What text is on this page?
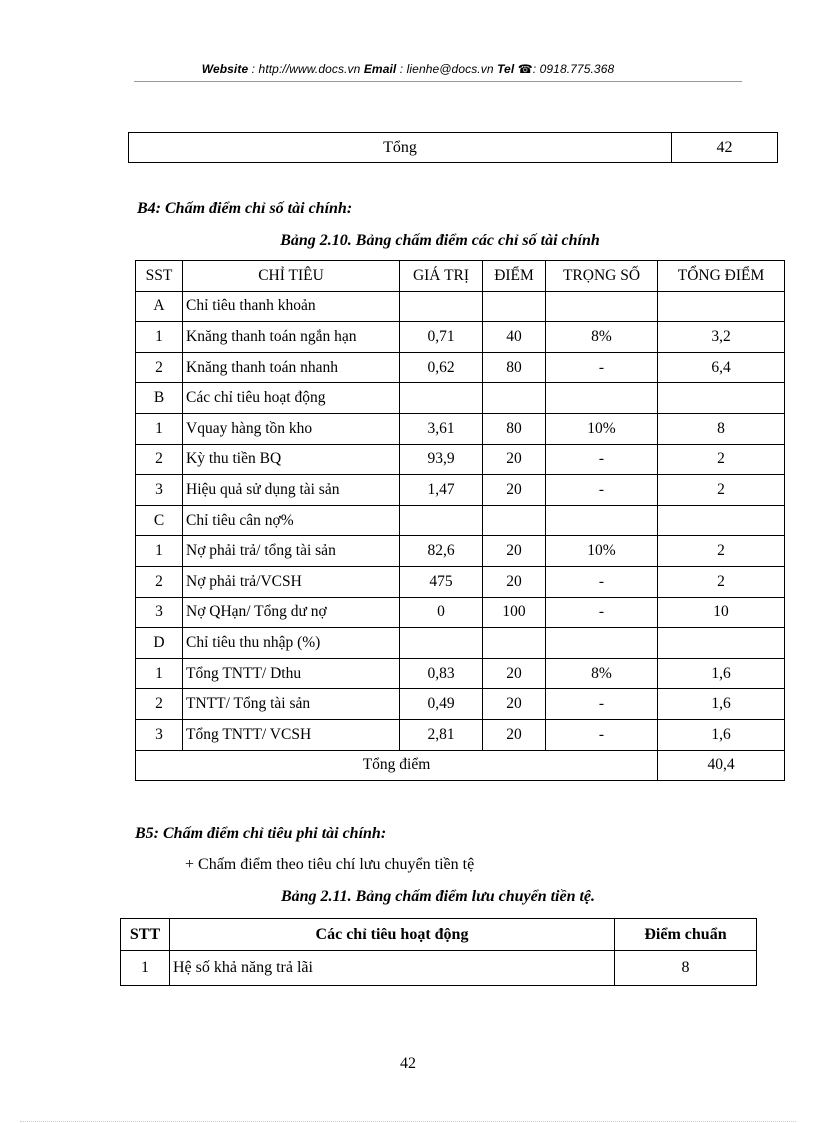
Website : http://www.docs.vn Email : lienhe@docs.vn Tel ☎: 0918.775.368
Tổng	42
B4: Chấm điểm chỉ số tài chính:
Bảng 2.10. Bảng chấm điểm các chỉ số tài chính
SST	CHỈ TIÊU	GIÁ TRỊ	ĐIỂM	TRỌNG SỐ	TỔNG ĐIỂM
A	Chỉ tiêu thanh khoản				
1	Knăng thanh toán ngắn hạn	0,71	40	8%	3,2
2	Knăng thanh toán nhanh	0,62	80	-	6,4
B	Các chỉ tiêu hoạt động				
1	Vquay hàng tồn kho	3,61	80	10%	8
2	Kỳ thu tiền BQ	93,9	20	-	2
3	Hiệu quả sử dụng tài sản	1,47	20	-	2
C	Chỉ tiêu cân nợ%				
1	Nợ phải trả/ tổng tài sản	82,6	20	10%	2
2	Nợ phải trả/VCSH	475	20	-	2
3	Nợ QHạn/ Tổng dư nợ	0	100	-	10
D	Chỉ tiêu thu nhập (%)				
1	Tổng TNTT/ Dthu	0,83	20	8%	1,6
2	TNTT/ Tổng tài sản	0,49	20	-	1,6
3	Tổng TNTT/ VCSH	2,81	20	-	1,6
Tổng điểm					40,4
B5: Chấm điểm chỉ tiêu phi tài chính:
+ Chấm điểm theo tiêu chí lưu chuyển tiền tệ
Bảng 2.11. Bảng chấm điểm lưu chuyển tiền tệ.
STT	Các chỉ tiêu hoạt động	Điểm chuẩn
1	Hệ số khả năng trả lãi	8
42
